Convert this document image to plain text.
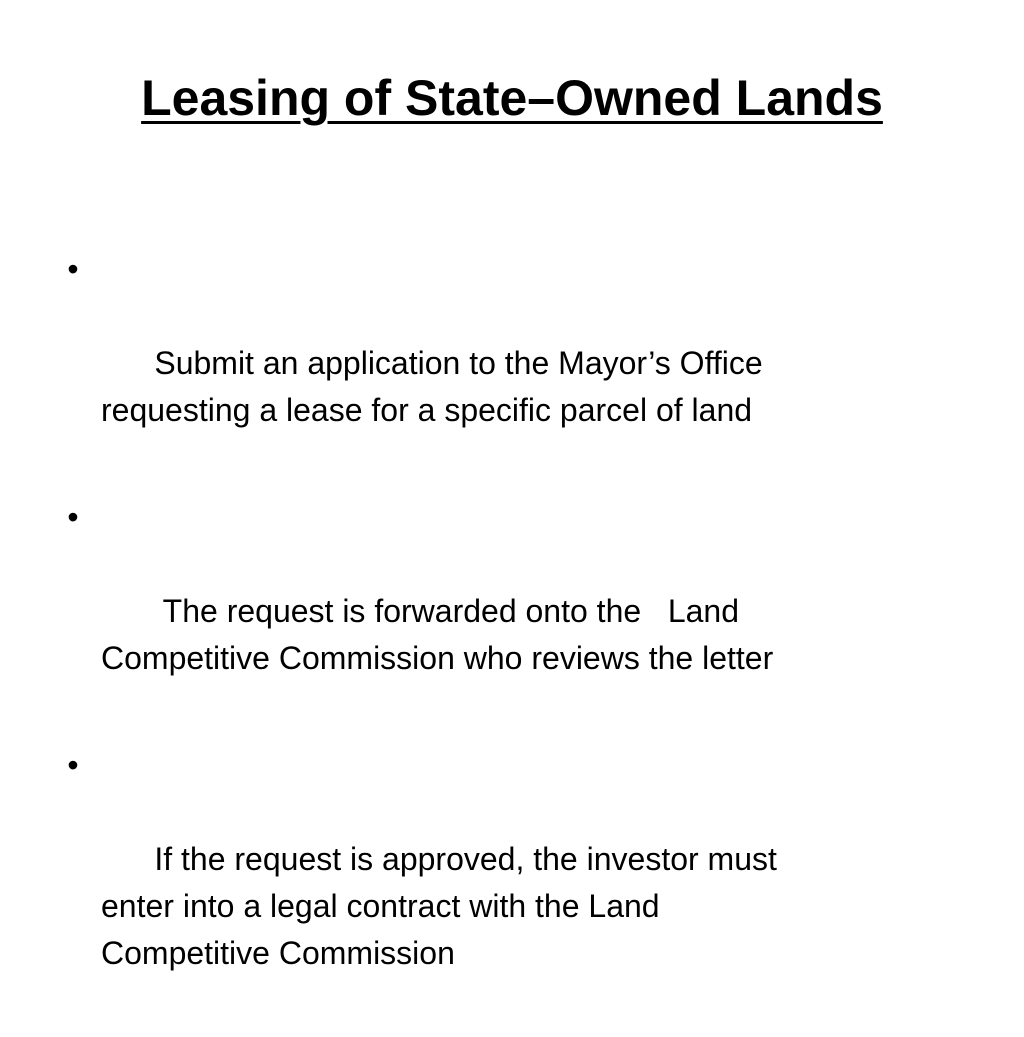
Leasing of State–Owned Lands

•

Submit an application to the Mayor’s Office
requesting a lease for a specific parcel of land

•

The request is forwarded onto the   Land
Competitive Commission who reviews the letter

•

If the request is approved, the investor must
enter into a legal contract with the Land
Competitive Commission
